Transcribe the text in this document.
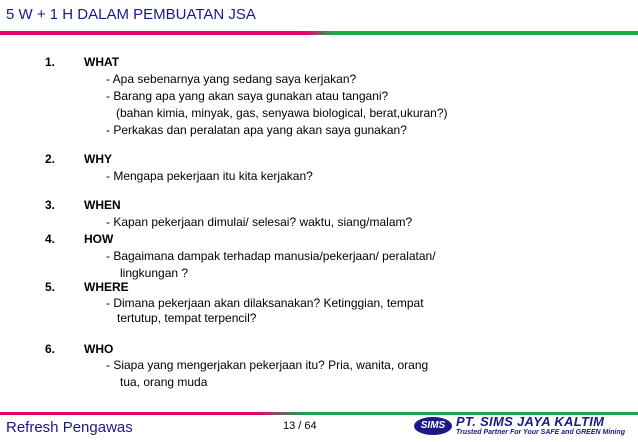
5 W + 1 H DALAM PEMBUATAN JSA
1. WHAT
- Apa sebenarnya yang sedang saya kerjakan?
- Barang apa yang akan saya gunakan atau tangani?
(bahan kimia, minyak, gas, senyawa biological, berat,ukuran?)
- Perkakas dan peralatan apa yang akan saya gunakan?
2. WHY
- Mengapa pekerjaan itu kita kerjakan?
3. WHEN
- Kapan pekerjaan dimulai/ selesai? waktu, siang/malam?
4. HOW
- Bagaimana dampak terhadap manusia/pekerjaan/ peralatan/
lingkungan ?
5. WHERE
- Dimana pekerjaan akan dilaksanakan? Ketinggian, tempat
tertutup, tempat terpencil?
6. WHO
- Siapa yang mengerjakan pekerjaan itu? Pria, wanita, orang
tua, orang muda
Refresh Pengawas	13 / 64	SIMS PT. SIMS JAYA KALTIM
Trusted Partner For Your SAFE and GREEN Mining
